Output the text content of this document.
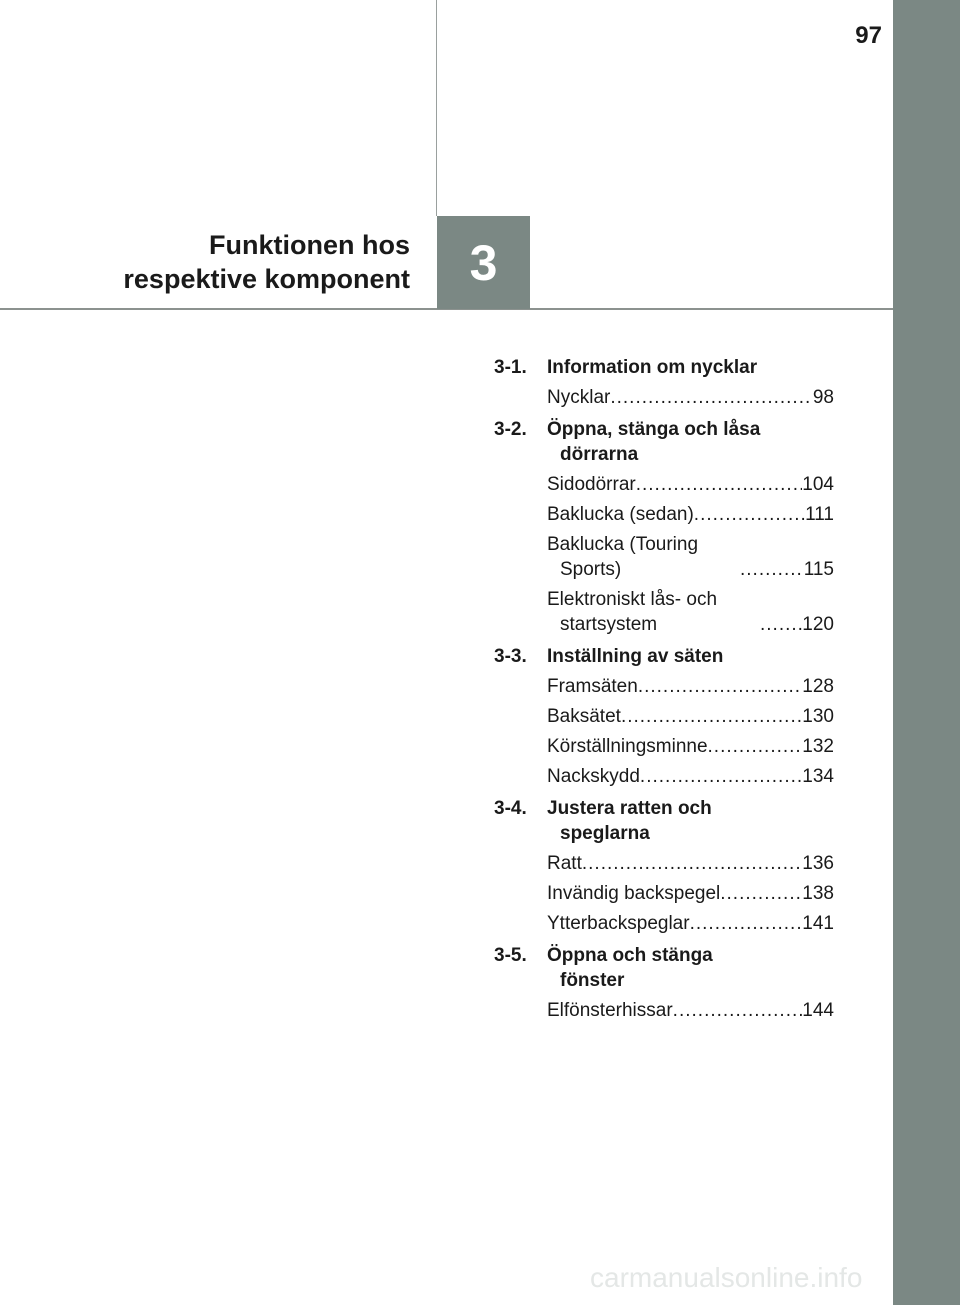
97
Funktionen hos
respektive komponent	3
3-1.	Information om nycklar
Nycklar .....	98
3-2.	Öppna, stänga och låsa dörrarna
Sidodörrar .....	104
Baklucka (sedan) .....	111
Baklucka (Touring Sports) .....	115
Elektroniskt lås- och startsystem .....	120
3-3.	Inställning av säten
Framsäten .....	128
Baksätet .....	130
Körställningsminne .....	132
Nackskydd .....	134
3-4.	Justera ratten och speglarna
Ratt .....	136
Invändig backspegel .....	138
Ytterbackspeglar .....	141
3-5.	Öppna och stänga fönster
Elfönsterhissar .....	144
carmanualsonline.info
